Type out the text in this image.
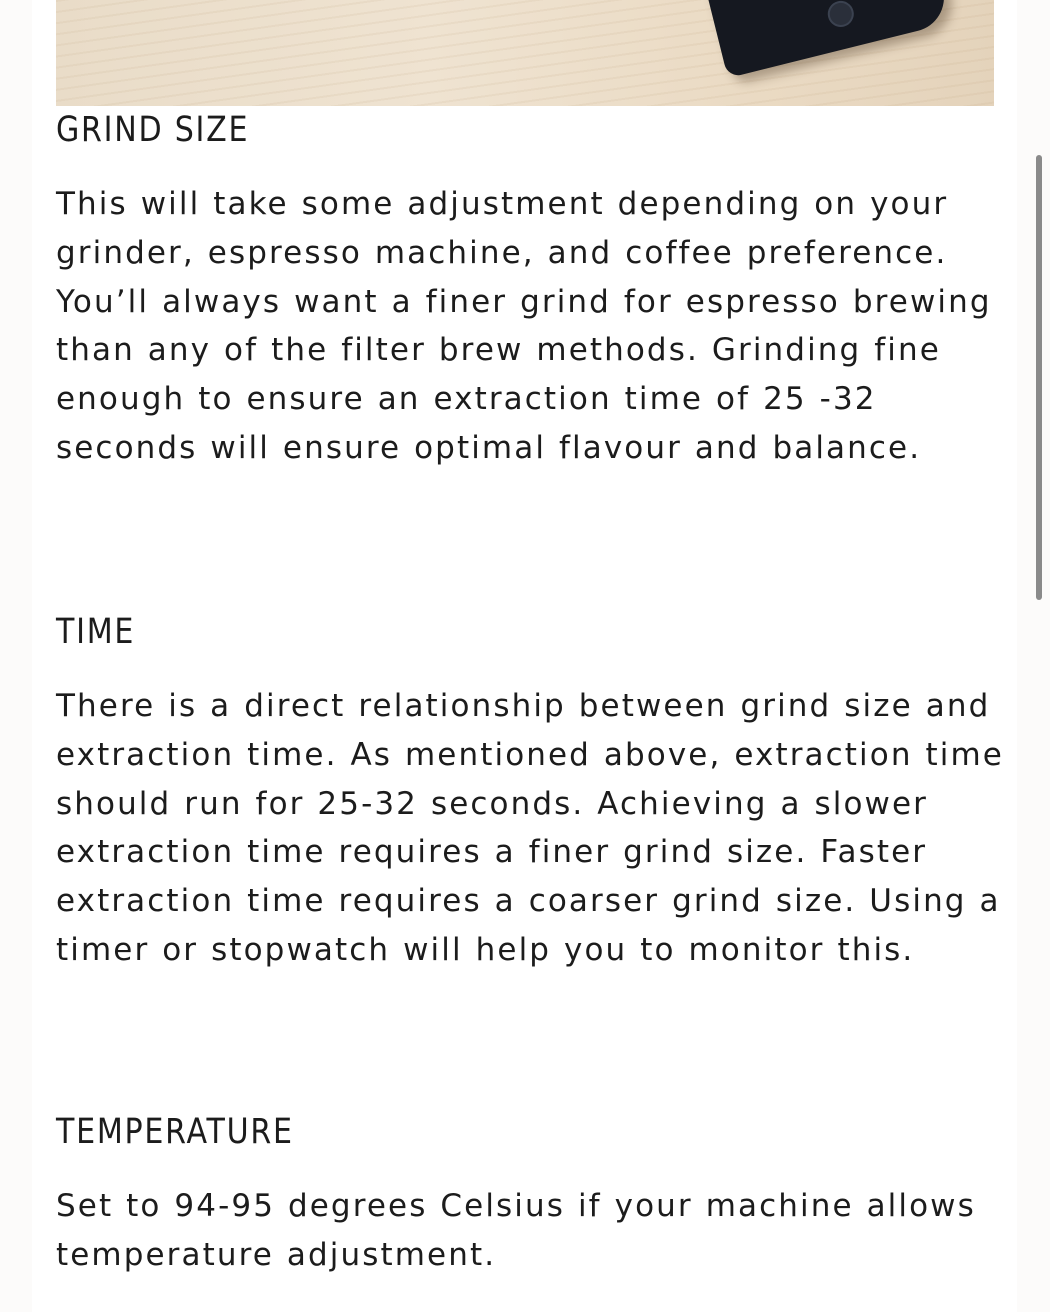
GRIND SIZE

This will take some adjustment depending on your grinder, espresso machine, and coffee preference. You’ll always want a finer grind for espresso brewing than any of the filter brew methods. Grinding fine enough to ensure an extraction time of 25 -32 seconds will ensure optimal flavour and balance.

TIME

There is a direct relationship between grind size and extraction time. As mentioned above, extraction time should run for 25-32 seconds. Achieving a slower extraction time requires a finer grind size. Faster extraction time requires a coarser grind size. Using a timer or stopwatch will help you to monitor this.

TEMPERATURE

Set to 94-95 degrees Celsius if your machine allows temperature adjustment.
